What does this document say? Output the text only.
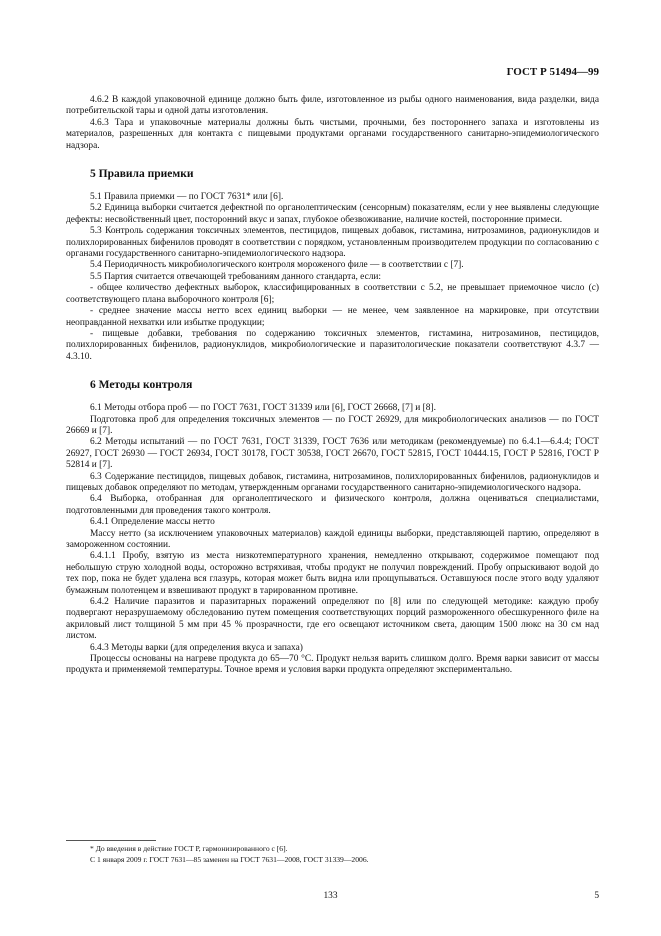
ГОСТ Р 51494—99

4.6.2 В каждой упаковочной единице должно быть филе, изготовленное из рыбы одного наименования, вида разделки, вида потребительской тары и одной даты изготовления.

4.6.3 Тара и упаковочные материалы должны быть чистыми, прочными, без постороннего запаха и изготовлены из материалов, разрешенных для контакта с пищевыми продуктами органами государственного санитарно-эпидемиологического надзора.

5 Правила приемки

5.1 Правила приемки — по ГОСТ 7631* или [6].

5.2 Единица выборки считается дефектной по органолептическим (сенсорным) показателям, если у нее выявлены следующие дефекты: несвойственный цвет, посторонний вкус и запах, глубокое обезвоживание, наличие костей, посторонние примеси.

5.3 Контроль содержания токсичных элементов, пестицидов, пищевых добавок, гистамина, нитрозаминов, радионуклидов и полихлорированных бифенилов проводят в соответствии с порядком, установленным производителем продукции по согласованию с органами государственного санитарно-эпидемиологического надзора.

5.4 Периодичность микробиологического контроля мороженого филе — в соответствии с [7].

5.5 Партия считается отвечающей требованиям данного стандарта, если:

- общее количество дефектных выборок, классифицированных в соответствии с 5.2, не превышает приемочное число (c) соответствующего плана выборочного контроля [6];

- среднее значение массы нетто всех единиц выборки — не менее, чем заявленное на маркировке, при отсутствии неоправданной нехватки или избытке продукции;

- пищевые добавки, требования по содержанию токсичных элементов, гистамина, нитрозаминов, пестицидов, полихлорированных бифенилов, радионуклидов, микробиологические и паразитологические показатели соответствуют 4.3.7 — 4.3.10.

6 Методы контроля

6.1 Методы отбора проб — по ГОСТ 7631, ГОСТ 31339 или [6], ГОСТ 26668, [7] и [8].

Подготовка проб для определения токсичных элементов — по ГОСТ 26929, для микробиологических анализов — по ГОСТ 26669 и [7].

6.2 Методы испытаний — по ГОСТ 7631, ГОСТ 31339, ГОСТ 7636 или методикам (рекомендуемые) по 6.4.1—6.4.4; ГОСТ 26927, ГОСТ 26930 — ГОСТ 26934, ГОСТ 30178, ГОСТ 30538, ГОСТ 26670, ГОСТ 52815, ГОСТ 10444.15, ГОСТ Р 52816, ГОСТ Р 52814 и [7].

6.3 Содержание пестицидов, пищевых добавок, гистамина, нитрозаминов, полихлорированных бифенилов, радионуклидов и пищевых добавок определяют по методам, утвержденным органами государственного санитарно-эпидемиологического надзора.

6.4 Выборка, отобранная для органолептического и физического контроля, должна оцениваться специалистами, подготовленными для проведения такого контроля.

6.4.1 Определение массы нетто

Массу нетто (за исключением упаковочных материалов) каждой единицы выборки, представляющей партию, определяют в замороженном состоянии.

6.4.1.1 Пробу, взятую из места низкотемпературного хранения, немедленно открывают, содержимое помещают под небольшую струю холодной воды, осторожно встряхивая, чтобы продукт не получил повреждений. Пробу опрыскивают водой до тех пор, пока не будет удалена вся глазурь, которая может быть видна или прощупываться. Оставшуюся после этого воду удаляют бумажным полотенцем и взвешивают продукт в тарированном противне.

6.4.2 Наличие паразитов и паразитарных поражений определяют по [8] или по следующей методике: каждую пробу подвергают неразрушаемому обследованию путем помещения соответствующих порций размороженного обесшкуренного филе на акриловый лист толщиной 5 мм при 45 % прозрачности, где его освещают источником света, дающим 1500 люкс на 30 см над листом.

6.4.3 Методы варки (для определения вкуса и запаха)

Процессы основаны на нагреве продукта до 65—70 °С. Продукт нельзя варить слишком долго. Время варки зависит от массы продукта и применяемой температуры. Точное время и условия варки продукта определяют экспериментально.

* До введения в действие ГОСТ Р, гармонизированного с [6].

С 1 января 2009 г. ГОСТ 7631—85 заменен на ГОСТ 7631—2008, ГОСТ 31339—2006.

133	5
